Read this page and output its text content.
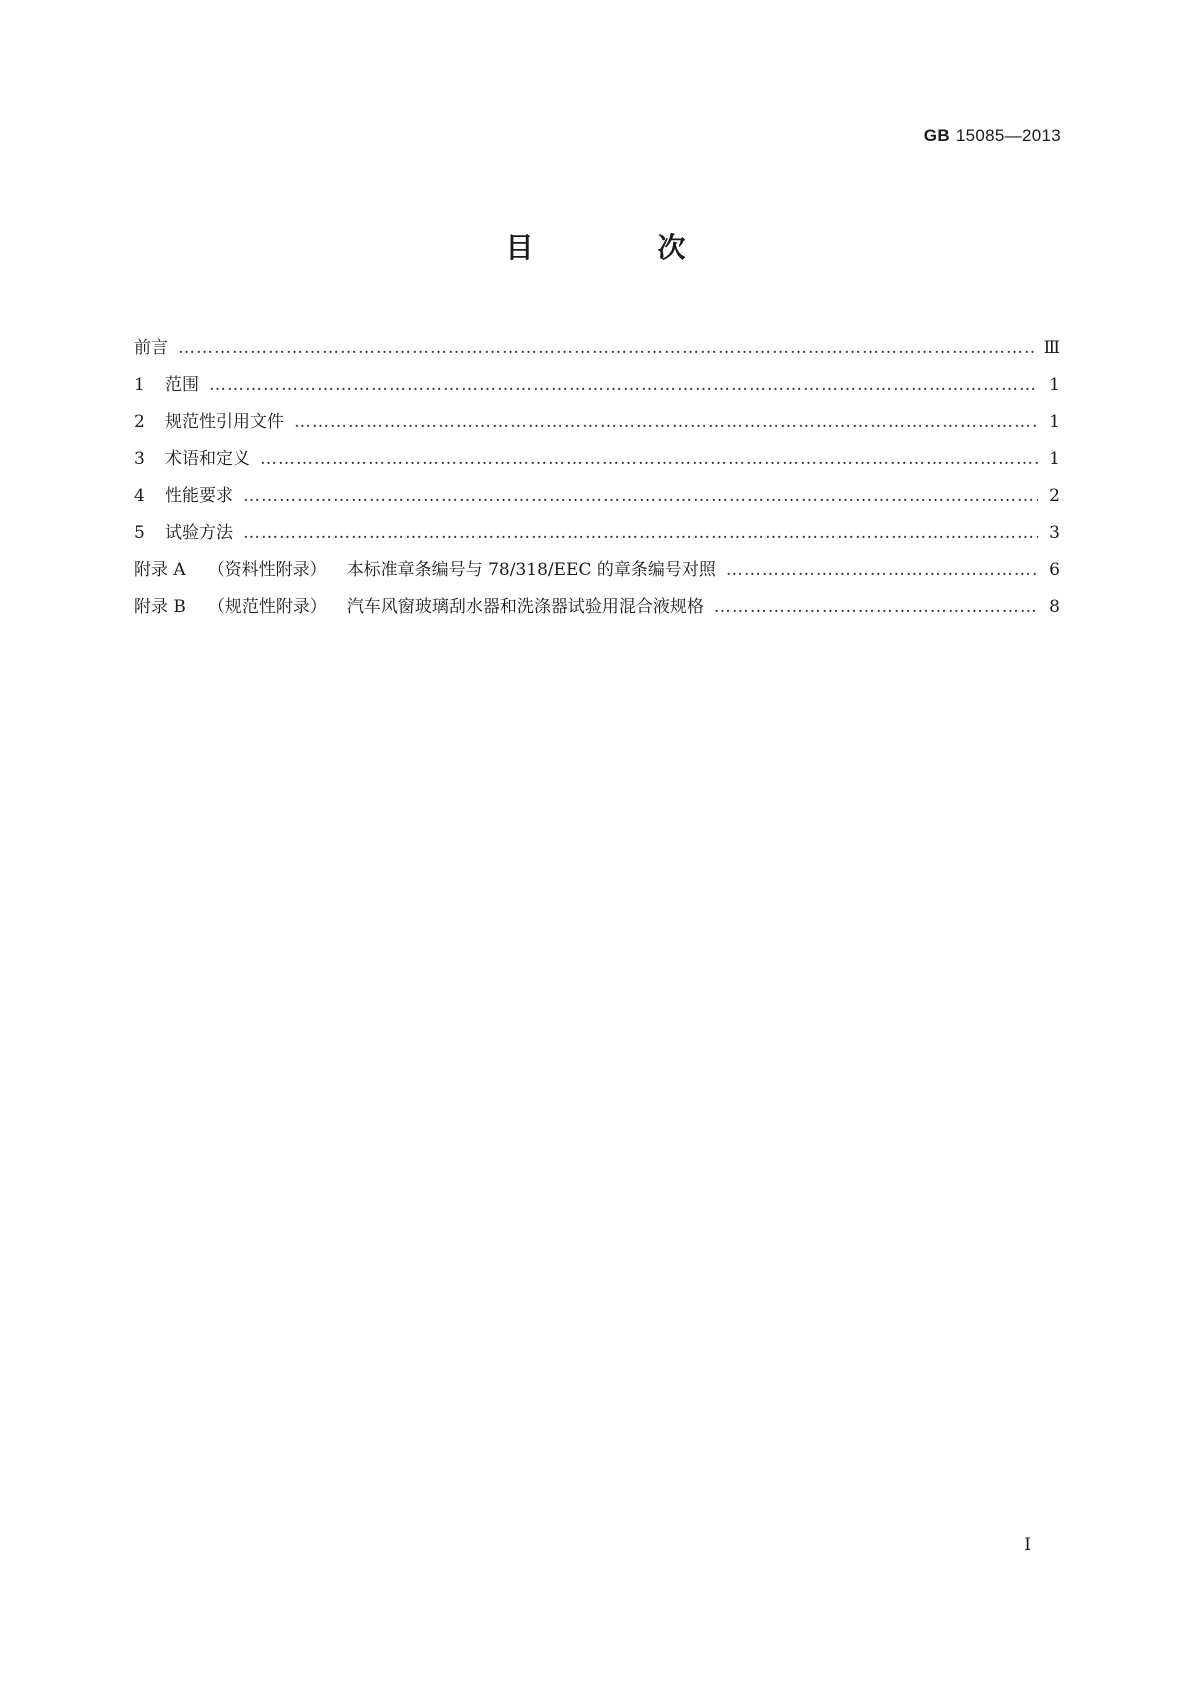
GB 15085—2013
目　次
前言 ………………………………………………………………………………………………………………………………………………………………………………	Ⅲ
1	范围 ………………………………………………………………………………………………………………………………………………………………………………	1
2	规范性引用文件 ………………………………………………………………………………………………………………………………………………………………………………	1
3	术语和定义 ………………………………………………………………………………………………………………………………………………………………………………	1
4	性能要求 ………………………………………………………………………………………………………………………………………………………………………………	2
5	试验方法 ………………………………………………………………………………………………………………………………………………………………………………	3
附录 A （资料性附录） 本标准章条编号与 78/318/EEC 的章条编号对照 ………………………………………………………………………………………………………………………………………………………………………………	6
附录 B （规范性附录） 汽车风窗玻璃刮水器和洗涤器试验用混合液规格 ………………………………………………………………………………………………………………………………………………………………………………	8
I
